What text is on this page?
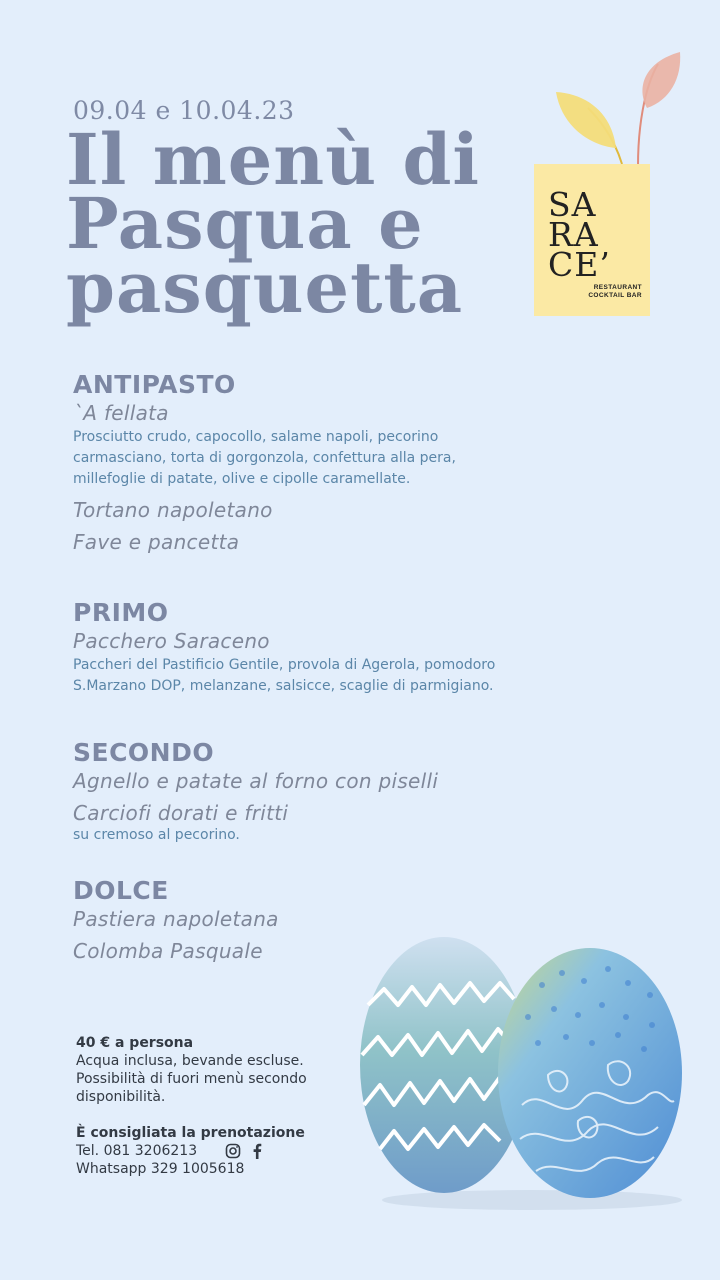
09.04 e 10.04.23
Il menù di
Pasqua e
pasquetta
SA RA
CE’
RESTAURANT
COCKTAIL BAR
ANTIPASTO
`A fellata
Prosciutto crudo, capocollo, salame napoli, pecorino
carmasciano, torta di gorgonzola, confettura alla pera,
millefoglie di patate, olive e cipolle caramellate.
Tortano napoletano
Fave e pancetta
PRIMO
Pacchero Saraceno
Paccheri del Pastificio Gentile, provola di Agerola, pomodoro
S.Marzano DOP, melanzane, salsicce, scaglie di parmigiano.
SECONDO
Agnello e patate al forno con piselli
Carciofi dorati e fritti
su cremoso al pecorino.
DOLCE
Pastiera napoletana
Colomba Pasquale
40 € a persona
Acqua inclusa, bevande escluse. Possibilità di fuori menù secondo disponibilità.
È consigliata la prenotazione
Tel. 081 3206213
Whatsapp 329 1005618
